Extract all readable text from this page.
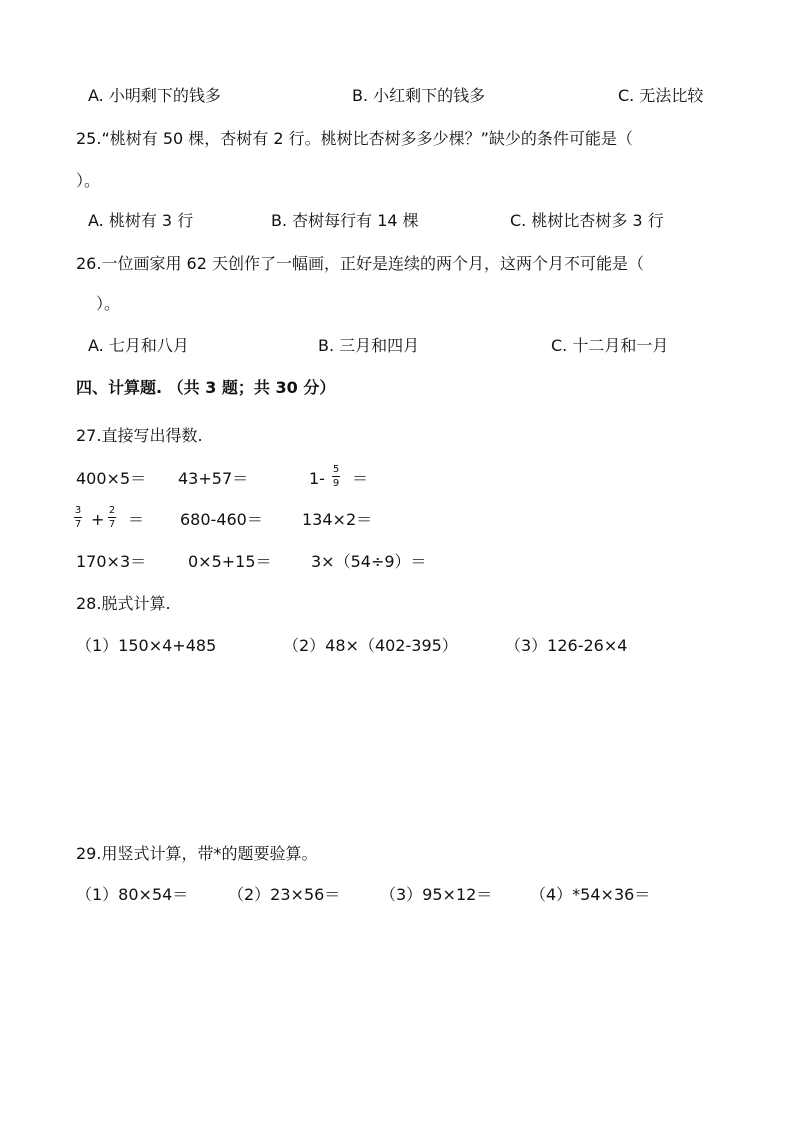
A. 小明剩下的钱多	B. 小红剩下的钱多	C. 无法比较
25.“桃树有 50 棵，杏树有 2 行。桃树比杏树多多少棵？”缺少的条件可能是（
）。
A. 桃树有 3 行	B. 杏树每行有 14 棵	C. 桃树比杏树多 3 行
26.一位画家用 62 天创作了一幅画，正好是连续的两个月，这两个月不可能是（
）。
A. 七月和八月	B. 三月和四月	C. 十二月和一月
四、计算题. （共 3 题；共 30 分）
27.直接写出得数.
400×5＝ 43+57＝	1- 5
9 ＝
3
7 + 2
7 ＝ 680-460＝ 134×2＝
170×3＝	0×5+15＝ 3×（54÷9）＝
28.脱式计算.
（1）150×4+485	（2）48×（402-395）	（3）126-26×4
29.用竖式计算，带*的题要验算。
（1）80×54＝ （2）23×56＝ （3）95×12＝ （4）*54×36＝
